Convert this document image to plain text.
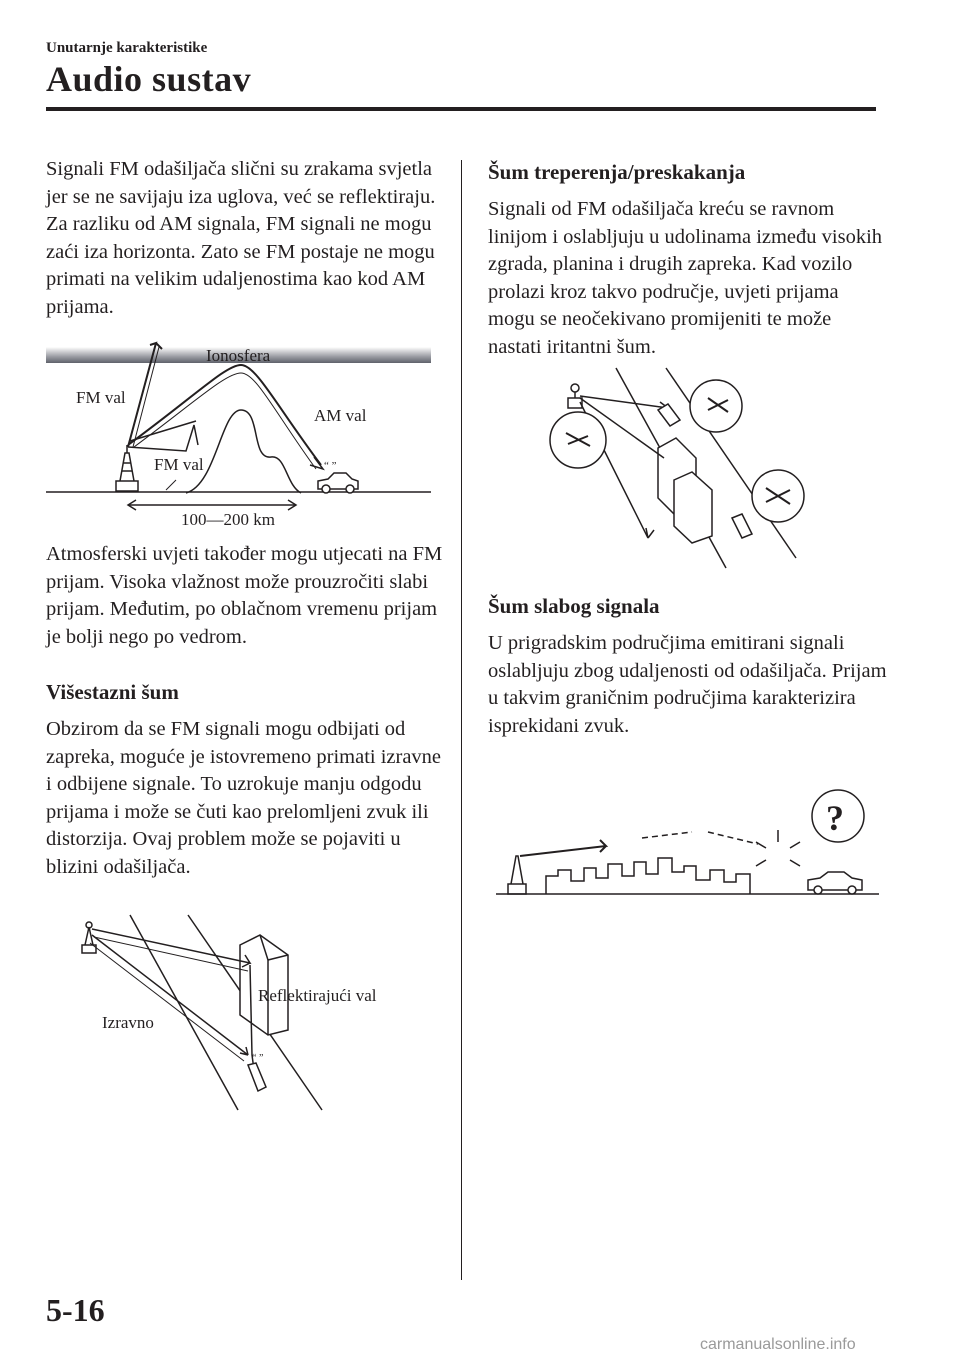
Unutarnje karakteristike
Audio sustav

Signali FM odašiljača slični su zrakama svjetla jer se ne savijaju iza uglova, već se reflektiraju. Za razliku od AM signala, FM signali ne mogu zaći iza horizonta. Zato se FM postaje ne mogu primati na velikim udaljenostima kao kod AM prijama.

“ ”
Ionosfera
FM val
FM val
AM val
100—200 km

Atmosferski uvjeti također mogu utjecati na FM prijam. Visoka vlažnost može prouzročiti slabi prijam. Međutim, po oblačnom vremenu prijam je bolji nego po vedrom.

Višestazni šum

Obzirom da se FM signali mogu odbijati od zapreka, moguće je istovremeno primati izravne i odbijene signale. To uzrokuje manju odgodu prijama i može se čuti kao prelomljeni zvuk ili distorzija. Ovaj problem može se pojaviti u blizini odašiljača.

“ ”
Izravno
Reflektirajući val
Šum treperenja/preskakanja

Signali od FM odašiljača kreću se ravnom linijom i oslabljuju u udolinama između visokih zgrada, planina i drugih zapreka. Kad vozilo prolazi kroz takvo područje, uvjeti prijama mogu se neočekivano promijeniti te može nastati iritantni šum.

Šum slabog signala

U prigradskim područjima emitirani signali oslabljuju zbog udaljenosti od odašiljača. Prijam u takvim graničnim područjima karakterizira isprekidani zvuk.

?
5-16
carmanualsonline.info
